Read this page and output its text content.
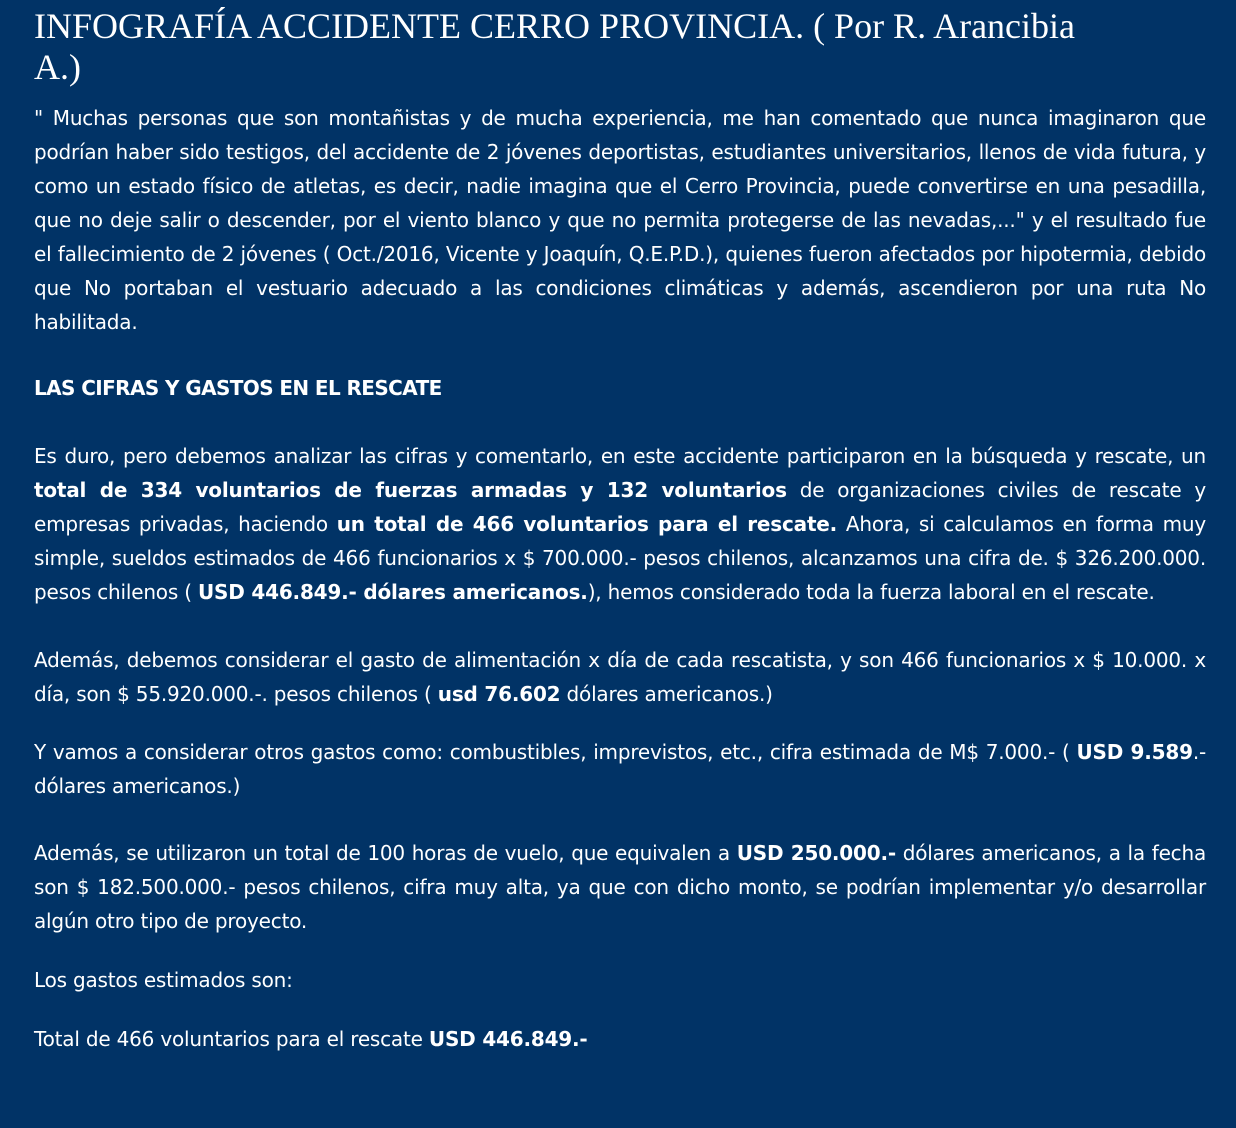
INFOGRAFÍA ACCIDENTE CERRO PROVINCIA. ( Por R. Arancibia A.)

" Muchas personas que son montañistas y de mucha experiencia, me han comentado que nunca imaginaron que podrían haber sido testigos, del accidente de 2 jóvenes deportistas, estudiantes universitarios, llenos de vida futura, y como un estado físico de atletas, es decir, nadie imagina que el Cerro Provincia, puede convertirse en una pesadilla, que no deje salir o descender, por el viento blanco y que no permita protegerse de las nevadas,..." y el resultado fue el fallecimiento de 2 jóvenes ( Oct./2016, Vicente y Joaquín, Q.E.P.D.), quienes fueron afectados por hipotermia, debido que No portaban el vestuario adecuado a las condiciones climáticas y además, ascendieron por una ruta No habilitada.

LAS CIFRAS Y GASTOS EN EL RESCATE

Es duro, pero debemos analizar las cifras y comentarlo, en este accidente participaron en la búsqueda y rescate, un total de 334 voluntarios de fuerzas armadas y 132 voluntarios de organizaciones civiles de rescate y empresas privadas, haciendo un total de 466 voluntarios para el rescate. Ahora, si calculamos en forma muy simple, sueldos estimados de 466 funcionarios x $ 700.000.- pesos chilenos, alcanzamos una cifra de. $ 326.200.000. pesos chilenos ( USD 446.849.- dólares americanos.), hemos considerado toda la fuerza laboral en el rescate.

Además, debemos considerar el gasto de alimentación x día de cada rescatista, y son 466 funcionarios x $ 10.000. x día, son $ 55.920.000.-. pesos chilenos ( usd 76.602 dólares americanos.)

Y vamos a considerar otros gastos como: combustibles, imprevistos, etc., cifra estimada de M$ 7.000.- ( USD 9.589.- dólares americanos.)

Además, se utilizaron un total de 100 horas de vuelo, que equivalen a USD 250.000.- dólares americanos, a la fecha son $ 182.500.000.- pesos chilenos, cifra muy alta, ya que con dicho monto, se podrían implementar y/o desarrollar algún otro tipo de proyecto.

Los gastos estimados son:

Total de 466 voluntarios para el rescate USD 446.849.-
